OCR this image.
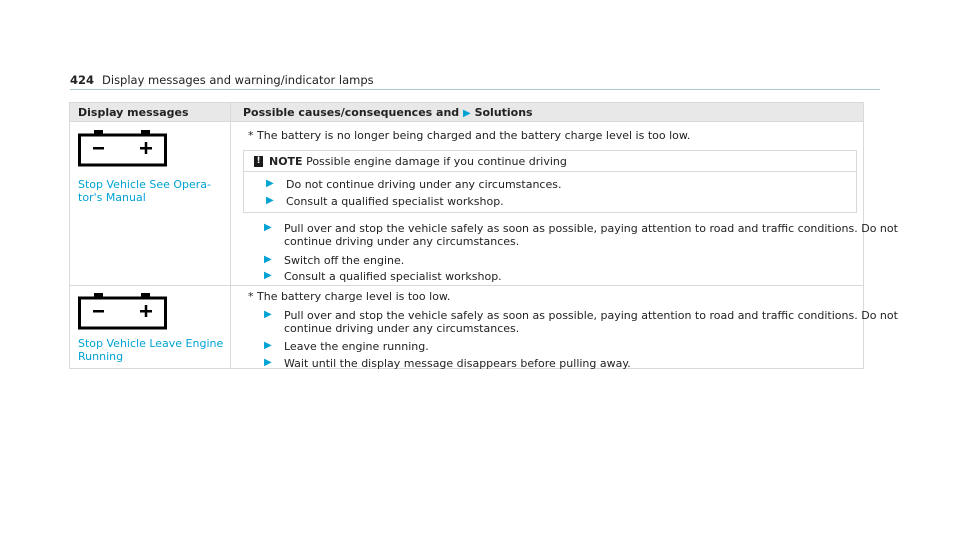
424 Display messages and warning/indicator lamps
Display messages	Possible causes/consequences and ▶ Solutions
Stop Vehicle See Opera-
tor's Manual
* The battery is no longer being charged and the battery charge level is too low.
! NOTE Possible engine damage if you continue driving
▶ Do not continue driving under any circumstances.
▶ Consult a qualified specialist workshop.
▶ Pull over and stop the vehicle safely as soon as possible, paying attention to road and traffic conditions. Do not
continue driving under any circumstances.
▶ Switch off the engine.
▶ Consult a qualified specialist workshop.
Stop Vehicle Leave Engine
Running
* The battery charge level is too low.
▶ Pull over and stop the vehicle safely as soon as possible, paying attention to road and traffic conditions. Do not
continue driving under any circumstances.
▶ Leave the engine running.
▶ Wait until the display message disappears before pulling away.
